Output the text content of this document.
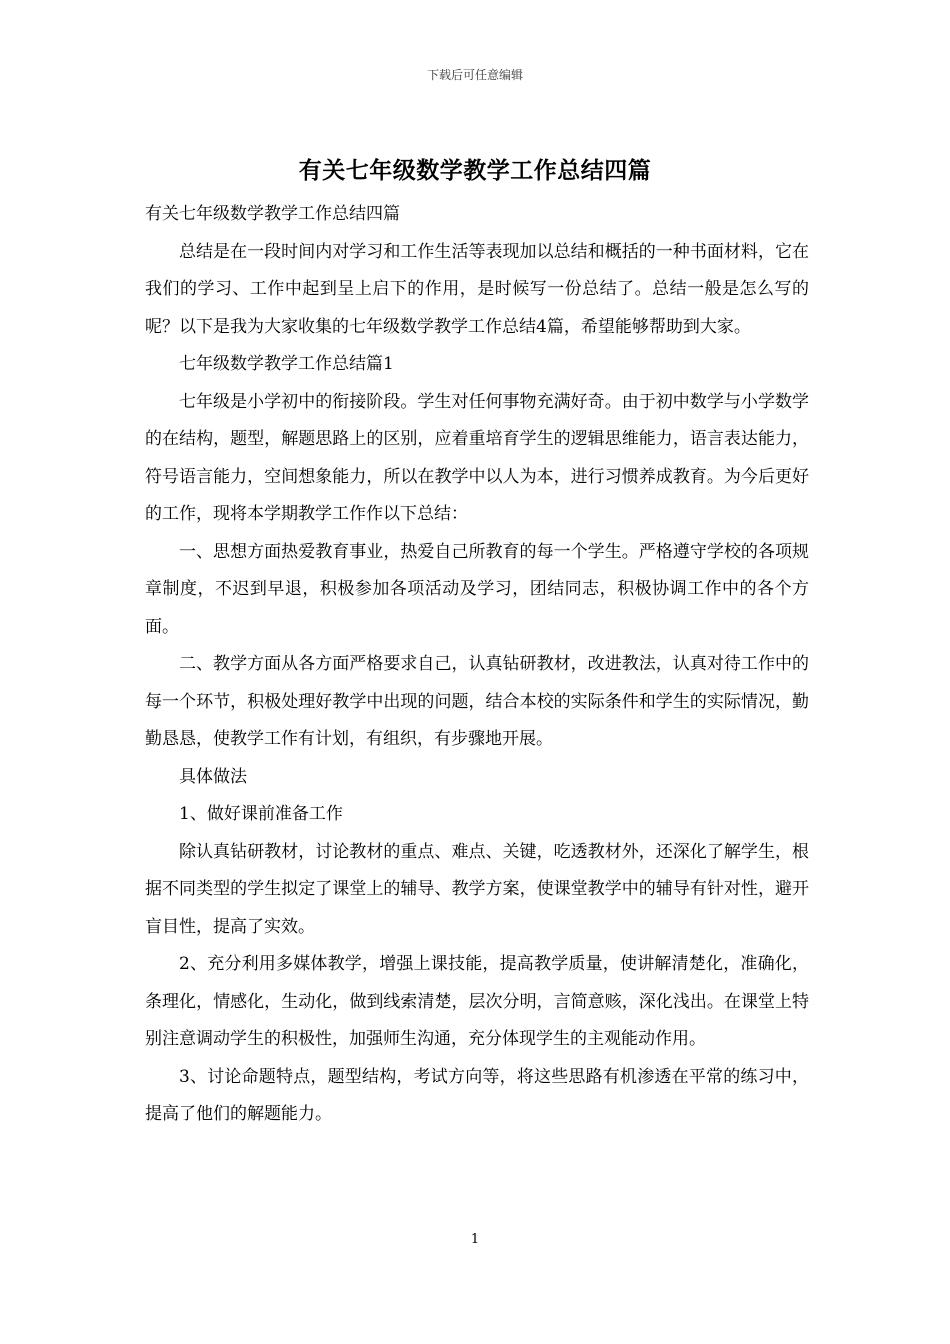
下载后可任意编辑
有关七年级数学教学工作总结四篇

有关七年级数学教学工作总结四篇

总结是在一段时间内对学习和工作生活等表现加以总结和概括的一种书面材料，它在我们的学习、工作中起到呈上启下的作用，是时候写一份总结了。总结一般是怎么写的呢？以下是我为大家收集的七年级数学教学工作总结4篇，希望能够帮助到大家。

七年级数学教学工作总结篇1

七年级是小学初中的衔接阶段。学生对任何事物充满好奇。由于初中数学与小学数学的在结构，题型，解题思路上的区别，应着重培育学生的逻辑思维能力，语言表达能力，符号语言能力，空间想象能力，所以在教学中以人为本，进行习惯养成教育。为今后更好的工作，现将本学期教学工作作以下总结：

一、思想方面热爱教育事业，热爱自己所教育的每一个学生。严格遵守学校的各项规章制度，不迟到早退，积极参加各项活动及学习，团结同志，积极协调工作中的各个方面。

二、教学方面从各方面严格要求自己，认真钻研教材，改进教法，认真对待工作中的每一个环节，积极处理好教学中出现的问题，结合本校的实际条件和学生的实际情况，勤勤恳恳，使教学工作有计划，有组织，有步骤地开展。

具体做法

1、做好课前准备工作

除认真钻研教材，讨论教材的重点、难点、关键，吃透教材外，还深化了解学生，根据不同类型的学生拟定了课堂上的辅导、教学方案，使课堂教学中的辅导有针对性，避开盲目性，提高了实效。

2、充分利用多媒体教学，增强上课技能，提高教学质量，使讲解清楚化，准确化，条理化，情感化，生动化，做到线索清楚，层次分明，言简意赅，深化浅出。在课堂上特别注意调动学生的积极性，加强师生沟通，充分体现学生的主观能动作用。

3、讨论命题特点，题型结构，考试方向等，将这些思路有机渗透在平常的练习中，提高了他们的解题能力。

1
